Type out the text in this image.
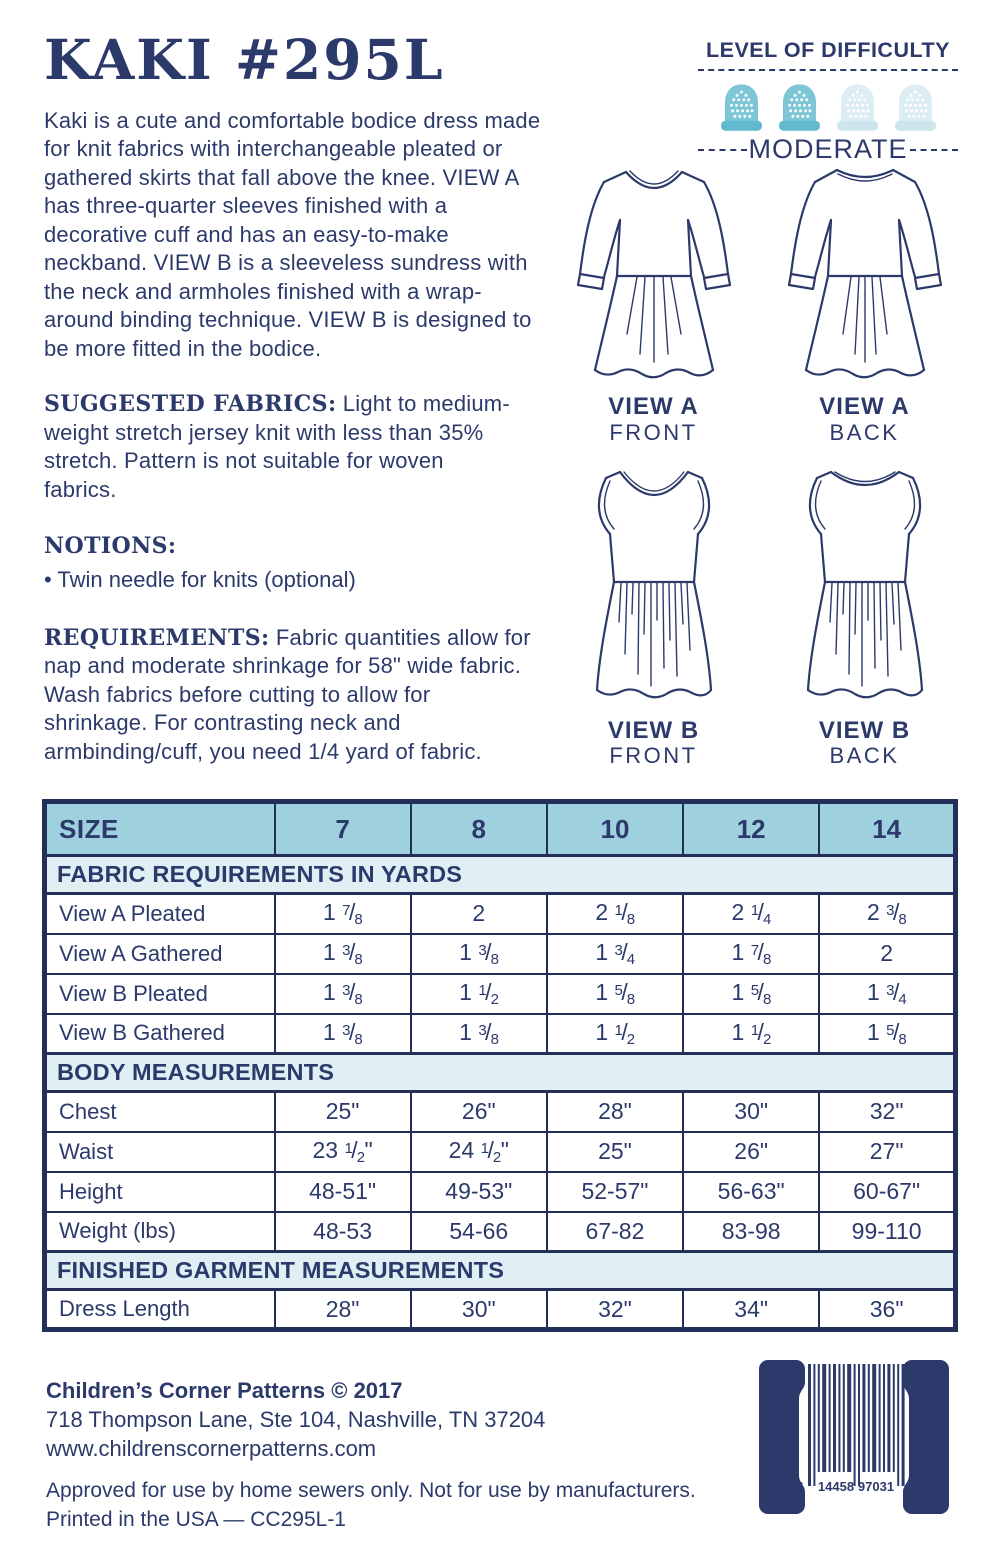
KAKI #295L

Kaki is a cute and comfortable bodice dress made for knit fabrics with interchangeable pleated or gathered skirts that fall above the knee. VIEW A has three-quarter sleeves finished with a decorative cuff and has an easy-to-make neckband. VIEW B is a sleeveless sundress with the neck and armholes finished with a wrap-around binding technique. VIEW B is designed to be more fitted in the bodice.

SUGGESTED FABRICS: Light to medium-weight stretch jersey knit with less than 35% stretch. Pattern is not suitable for woven fabrics.

NOTIONS:

• Twin needle for knits (optional)

REQUIREMENTS: Fabric quantities allow for nap and moderate shrinkage for 58" wide fabric. Wash fabrics before cutting to allow for shrinkage. For contrasting neck and armbinding/cuff, you need 1/4 yard of fabric.

LEVEL OF DIFFICULTY

MODERATE
VIEW A
FRONT
VIEW A
BACK
VIEW B
FRONT
VIEW B
BACK
SIZE	7	8	10	12	14
FABRIC REQUIREMENTS IN YARDS					
View A Pleated	1 $^7/_8$	2	2 $^1/_8$	2 $^1/_4$	2 $^3/_8$
View A Gathered	1 $^3/_8$	1 $^3/_8$	1 $^3/_4$	1 $^7/_8$	2
View B Pleated	1 $^3/_8$	1 $^1/_2$	1 $^5/_8$	1 $^5/_8$	1 $^3/_4$
View B Gathered	1 $^3/_8$	1 $^3/_8$	1 $^1/_2$	1 $^1/_2$	1 $^5/_8$
BODY MEASUREMENTS					
Chest	25"	26"	28"	30"	32"
Waist	23 $^1/_2$"	24 $^1/_2$"	25"	26"	27"
Height	48-51"	49-53"	52-57"	56-63"	60-67"
Weight (lbs)	48-53	54-66	67-82	83-98	99-110
FINISHED GARMENT MEASUREMENTS					
Dress Length	28"	30"	32"	34"	36"

Children’s Corner Patterns © 2017

718 Thompson Lane, Ste 104, Nashville, TN 37204

www.childrenscornerpatterns.com

Approved for use by home sewers only. Not for use by manufacturers.

Printed in the USA — CC295L-1

6 14458 97031 2
